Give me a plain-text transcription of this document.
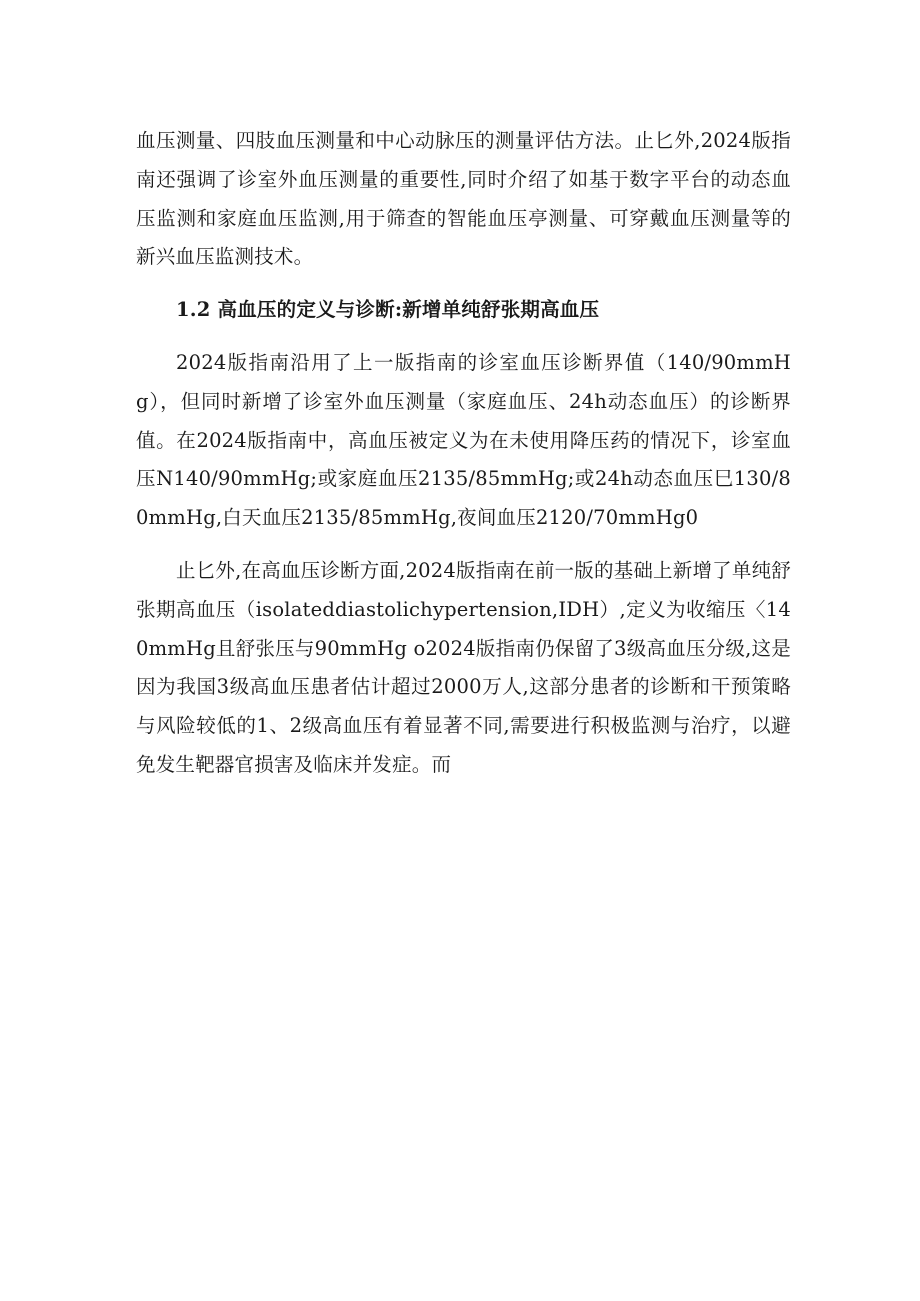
血压测量、四肢血压测量和中心动脉压的测量评估方法。止匕外,2024版指南还强调了诊室外血压测量的重要性,同时介绍了如基于数字平台的动态血压监测和家庭血压监测,用于筛查的智能血压亭测量、可穿戴血压测量等的新兴血压监测技术。

1.2 高血压的定义与诊断:新增单纯舒张期高血压

2024版指南沿用了上一版指南的诊室血压诊断界值（140/90mmHg），但同时新增了诊室外血压测量（家庭血压、24h动态血压）的诊断界值。在2024版指南中，高血压被定义为在未使用降压药的情况下，诊室血压N140/90mmHg;或家庭血压2135/85mmHg;或24h动态血压巳130/80mmHg,白天血压2135/85mmHg,夜间血压2120/70mmHg0

止匕外,在高血压诊断方面,2024版指南在前一版的基础上新增了单纯舒张期高血压（isolateddiastolichypertension,IDH）,定义为收缩压〈140mmHg且舒张压与90mmHg o2024版指南仍保留了3级高血压分级,这是因为我国3级高血压患者估计超过2000万人,这部分患者的诊断和干预策略与风险较低的1、2级高血压有着显著不同,需要进行积极监测与治疗，以避免发生靶器官损害及临床并发症。而
